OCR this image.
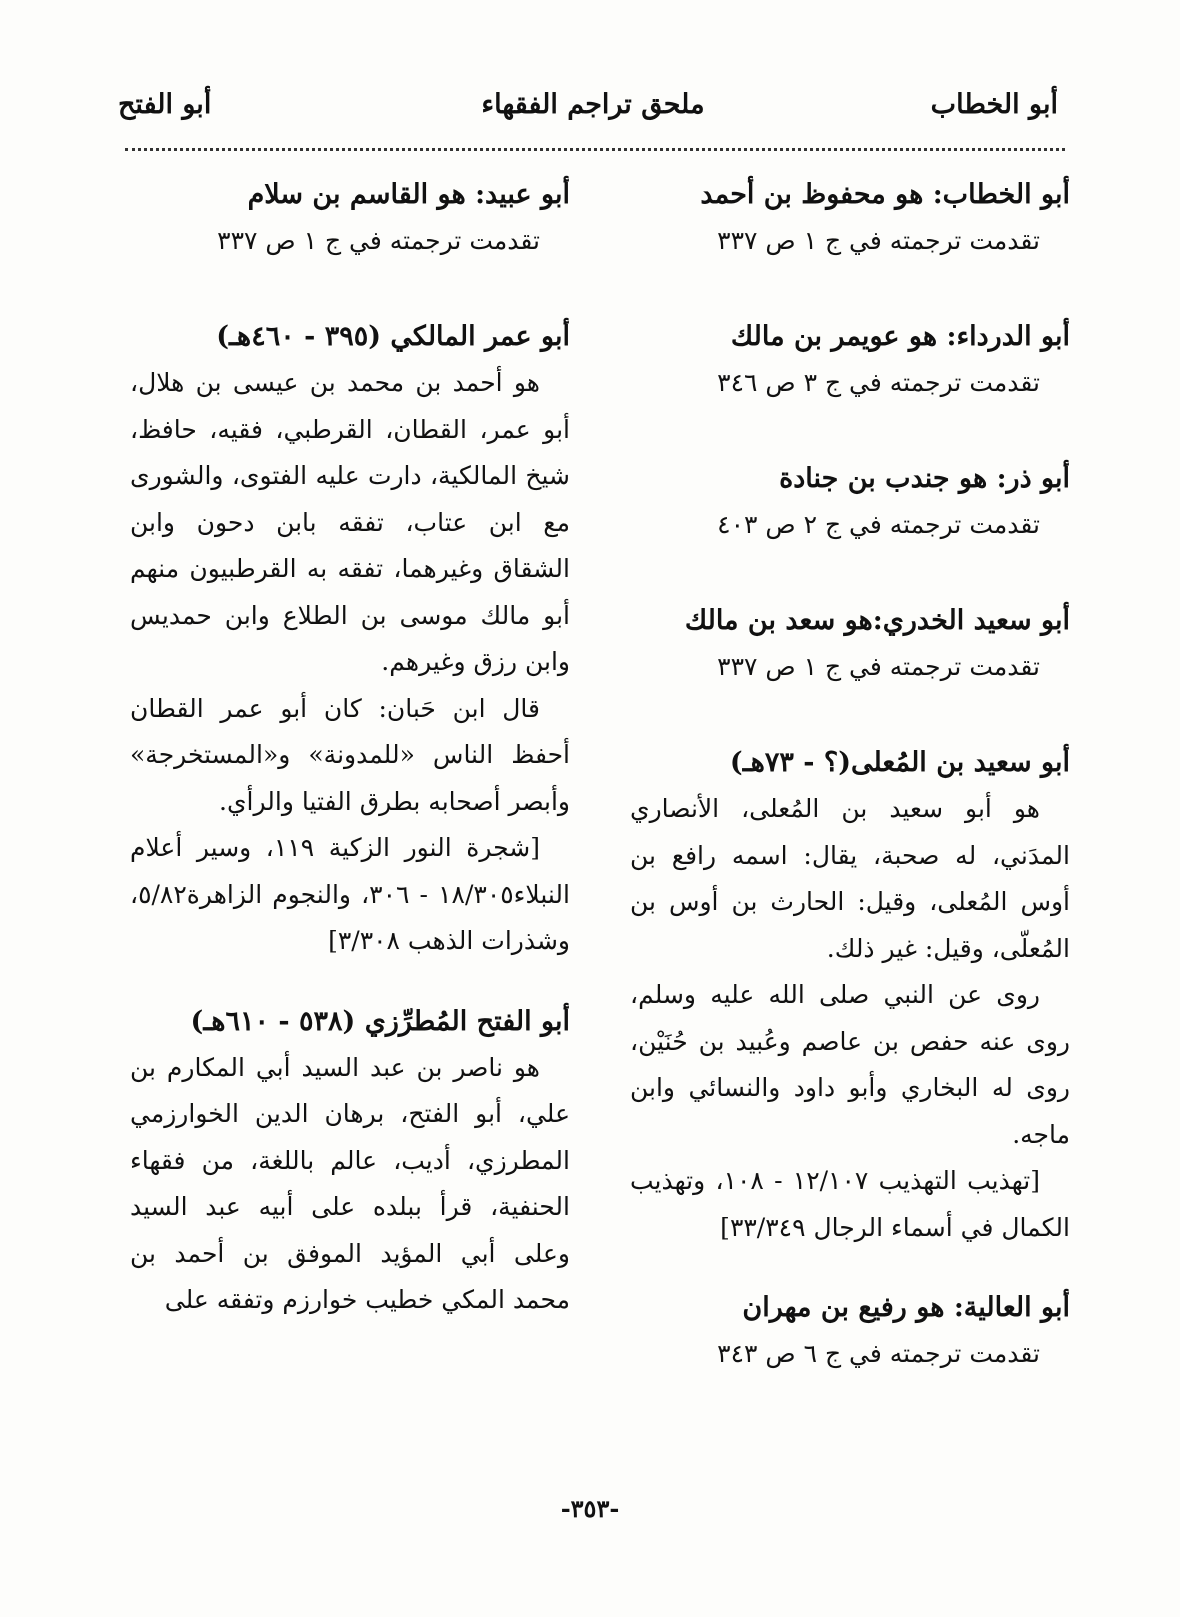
أبو الخطاب
ملحق تراجم الفقهاء
أبو الفتح

أبو الخطاب: هو محفوظ بن أحمد

تقدمت ترجمته في ج ١ ص ٣٣٧

أبو الدرداء: هو عويمر بن مالك

تقدمت ترجمته في ج ٣ ص ٣٤٦

أبو ذر: هو جندب بن جنادة

تقدمت ترجمته في ج ٢ ص ٤٠٣

أبو سعيد الخدري:هو سعد بن مالك

تقدمت ترجمته في ج ١ ص ٣٣٧

أبو سعيد بن المُعلى(؟ - ٧٣هـ)

هو أبو سعيد بن المُعلى، الأنصاري المدَني، له صحبة، يقال: اسمه رافع بن أوس المُعلى، وقيل: الحارث بن أوس بن المُعلّى، وقيل: غير ذلك.

روى عن النبي صلى الله عليه وسلم، روى عنه حفص بن عاصم وعُبيد بن حُنَيْن، روى له البخاري وأبو داود والنسائي وابن ماجه.

[تهذيب التهذيب ١٢/١٠٧ - ١٠٨، وتهذيب الكمال في أسماء الرجال ٣٣/٣٤٩]

أبو العالية: هو رفيع بن مهران

تقدمت ترجمته في ج ٦ ص ٣٤٣

أبو عبيد: هو القاسم بن سلام

تقدمت ترجمته في ج ١ ص ٣٣٧

أبو عمر المالكي (٣٩٥ - ٤٦٠هـ)

هو أحمد بن محمد بن عيسى بن هلال، أبو عمر، القطان، القرطبي، فقيه، حافظ، شيخ المالكية، دارت عليه الفتوى، والشورى مع ابن عتاب، تفقه بابن دحون وابن الشقاق وغيرهما، تفقه به القرطبيون منهم أبو مالك موسى بن الطلاع وابن حمديس وابن رزق وغيرهم.

قال ابن حَبان: كان أبو عمر القطان أحفظ الناس «للمدونة» و«المستخرجة» وأبصر أصحابه بطرق الفتيا والرأي.

[شجرة النور الزكية ١١٩، وسير أعلام النبلاء١٨/٣٠٥ - ٣٠٦، والنجوم الزاهرة٥/٨٢، وشذرات الذهب ٣/٣٠٨]

أبو الفتح المُطرِّزي (٥٣٨ - ٦١٠هـ)

هو ناصر بن عبد السيد أبي المكارم بن علي، أبو الفتح، برهان الدين الخوارزمي المطرزي، أديب، عالم باللغة، من فقهاء الحنفية، قرأ ببلده على أبيه عبد السيد وعلى أبي المؤيد الموفق بن أحمد بن محمد المكي خطيب خوارزم وتفقه على

-٣٥٣-
